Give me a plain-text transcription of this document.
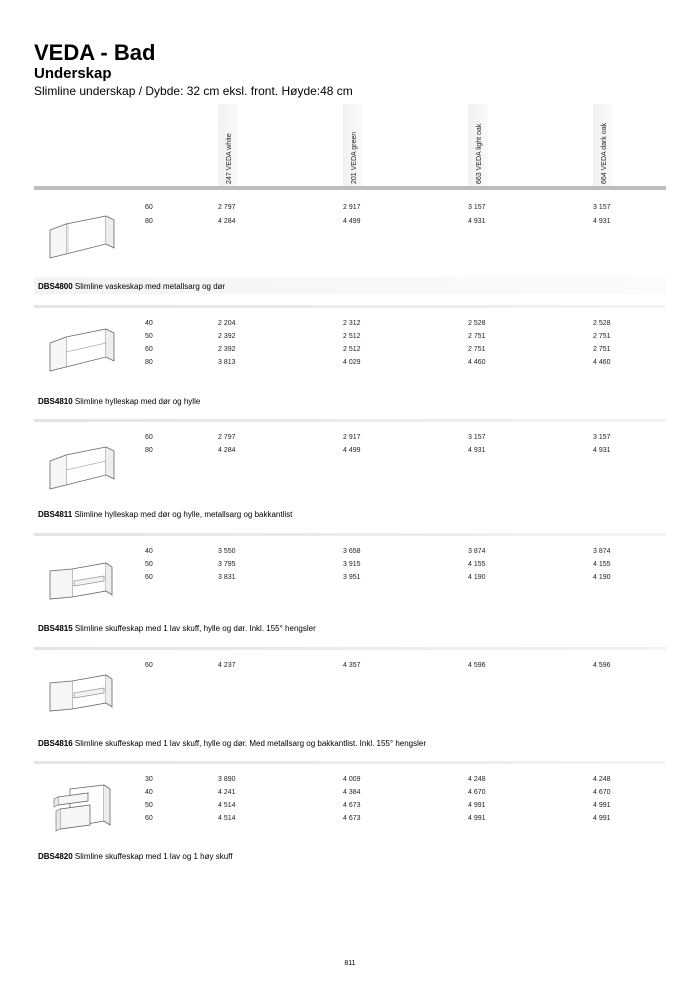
VEDA - Bad
Underskap
Slimline underskap / Dybde: 32 cm eksl. front. Høyde:48 cm
247 VEDA white	201 VEDA green	663 VEDA light oak	664 VEDA dark oak
60	2 797	2 917	3 157	3 157
80	4 284	4 499	4 931	4 931
DBS4800 Slimline vaskeskap med metallsarg og dør
40	2 204	2 312	2 528	2 528
50	2 392	2 512	2 751	2 751
60	2 392	2 512	2 751	2 751
80	3 813	4 029	4 460	4 460
DBS4810 Slimline hylleskap med dør og hylle
60	2 797	2 917	3 157	3 157
80	4 284	4 499	4 931	4 931
DBS4811 Slimline hylleskap med dør og hylle, metallsarg og bakkantlist
40	3 550	3 658	3 874	3 874
50	3 795	3 915	4 155	4 155
60	3 831	3 951	4 190	4 190
DBS4815 Slimline skuffeskap med 1 lav skuff, hylle og dør. Inkl. 155° hengsler
60	4 237	4 357	4 596	4 596
DBS4816 Slimline skuffeskap med 1 lav skuff, hylle og dør. Med metallsarg og bakkantlist. Inkl. 155° hengsler
30	3 890	4 009	4 248	4 248
40	4 241	4 384	4 670	4 670
50	4 514	4 673	4 991	4 991
60	4 514	4 673	4 991	4 991
DBS4820 Slimline skuffeskap med 1 lav og 1 høy skuff
811
